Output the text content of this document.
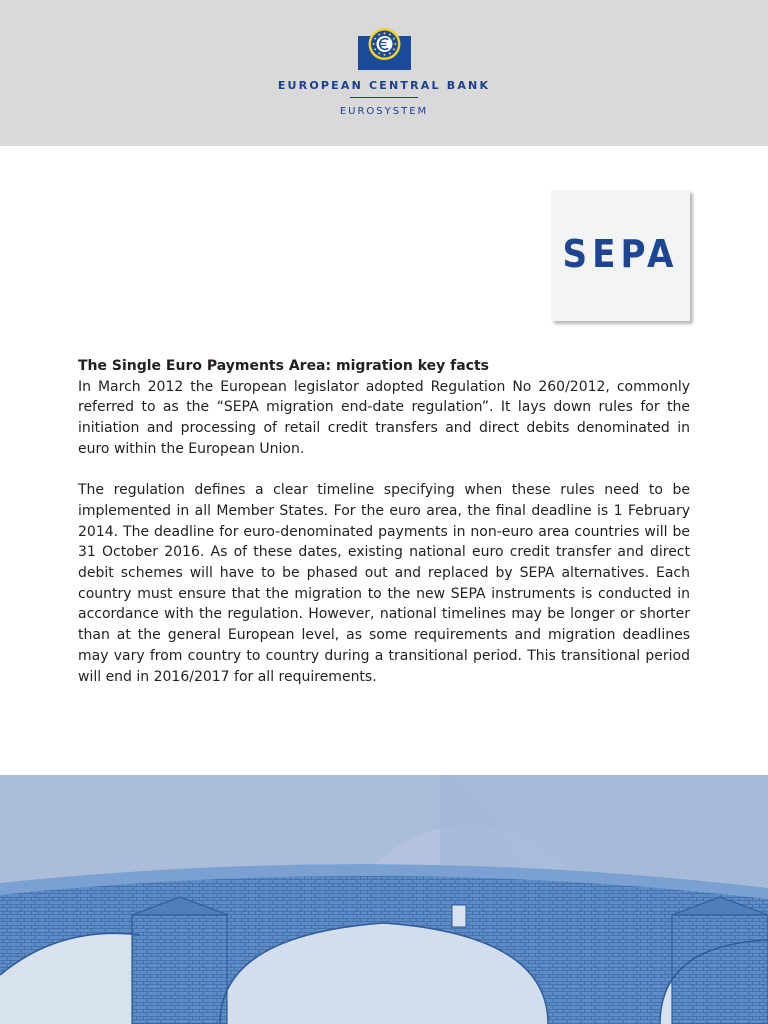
EUROPEAN CENTRAL BANK
EUROSYSTEM
SEPA
The Single Euro Payments Area: migration key facts

In March 2012 the European legislator adopted Regulation No 260/2012, commonly referred to as the “SEPA migration end-date regulation”. It lays down rules for the initiation and processing of retail credit transfers and direct debits denominated in euro within the European Union.

The regulation defines a clear timeline specifying when these rules need to be implemented in all Member States. For the euro area, the final deadline is 1 February 2014. The deadline for euro-denominated payments in non-euro area countries will be 31 October 2016. As of these dates, existing national euro credit transfer and direct debit schemes will have to be phased out and replaced by SEPA alternatives. Each country must ensure that the migration to the new SEPA instruments is conducted in accordance with the regulation. However, national timelines may be longer or shorter than at the general European level, as some requirements and migration deadlines may vary from country to country during a transitional period. This transitional period will end in 2016/2017 for all requirements.
